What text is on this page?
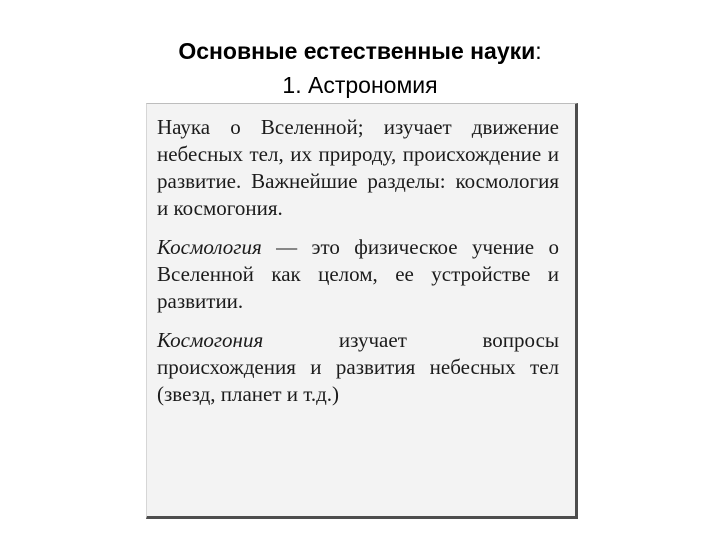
Основные естественные науки:
1. Астрономия

Наука о Вселенной; изучает движение небесных тел, их природу, происхождение и развитие. Важнейшие разделы: космология и космогония.

Космология — это физическое учение о Вселенной как целом, ее устройстве и развитии.

Космогония изучает вопросы происхождения и развития небесных тел (звезд, планет и т.д.)
